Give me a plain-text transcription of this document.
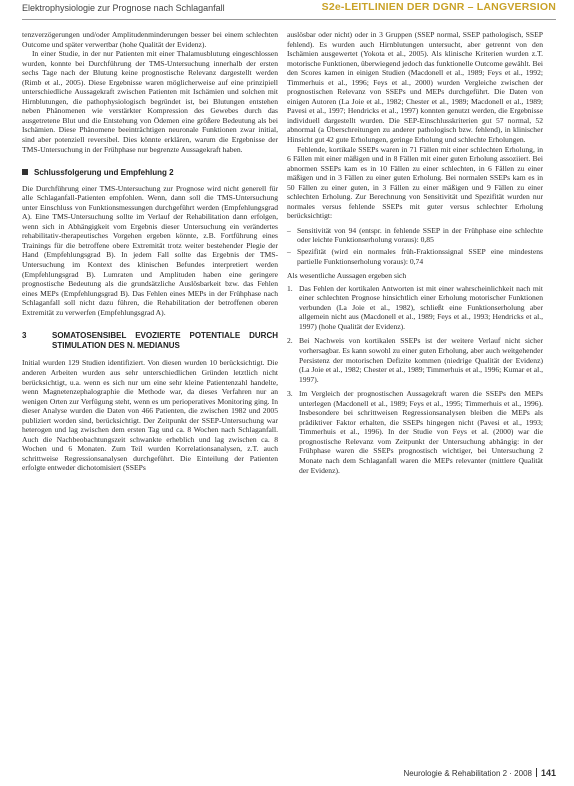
Elektrophysiologie zur Prognose nach Schlaganfall	S2e-LEITLINIEN DER DGNR – LANGVERSION

tenzverzögerungen und/oder Amplitudenminderungen besser bei einem schlechten Outcome und später verwertbar (hohe Qualität der Evidenz).

In einer Studie, in der nur Patienten mit einer Thalamusblutung eingeschlossen wurden, konnte bei Durchführung der TMS-Untersuchung innerhalb der ersten sechs Tage nach der Blutung keine prognostische Relevanz dargestellt werden (Rimb et al., 2005). Diese Ergebnisse waren möglicherweise auf eine prinzipiell unterschiedliche Aussagekraft zwischen Patienten mit Ischämien und solchen mit Hirnblutungen, die pathophysiologisch begründet ist, bei Blutungen entstehen neben Phänomenen wie verstärkter Kompression des Gewebes durch das ausgetretene Blut und die Entstehung von Ödemen eine größere Bedeutung als bei Ischämien. Diese Phänomene beeinträchtigen neuronale Funktionen zwar initial, sind aber potenziell reversibel. Dies könnte erklären, warum die Ergebnisse der TMS-Untersuchung in der Frühphase nur begrenzte Aussagekraft haben.

Schlussfolgerung und Empfehlung 2

Die Durchführung einer TMS-Untersuchung zur Prognose wird nicht generell für alle Schlaganfall-Patienten empfohlen. Wenn, dann soll die TMS-Untersuchung unter Einschluss von Funktionsmessungen durchgeführt werden (Empfehlungsgrad A). Eine TMS-Untersuchung sollte im Verlauf der Rehabilitation dann erfolgen, wenn sich in Abhängigkeit vom Ergebnis dieser Untersuchung ein verändertes rehabilitativ-therapeutisches Vorgehen ergeben könnte, z.B. Fortführung eines Trainings für die betroffene obere Extremität trotz weiter bestehender Plegie der Hand (Empfehlungsgrad B). In jedem Fall sollte das Ergebnis der TMS-Untersuchung im Kontext des klinischen Befundes interpretiert werden (Empfehlungsgrad B). Lumraten und Amplituden haben eine geringere prognostische Bedeutung als die grundsätzliche Auslösbarkeit bzw. das Fehlen eines MEPs (Empfehlungsgrad B). Das Fehlen eines MEPs in der Frühphase nach Schlaganfall soll nicht dazu führen, die Rehabilitation der betroffenen oberen Extremität zu verwerfen (Empfehlungsgrad A).

3	SOMATOSENSIBEL EVOZIERTE POTENTIALE DURCH STIMULATION DES N. MEDIANUS

Initial wurden 129 Studien identifiziert. Von diesen wurden 10 berücksichtigt. Die anderen Arbeiten wurden aus sehr unterschiedlichen Gründen letztlich nicht berücksichtigt, u.a. wenn es sich nur um eine sehr kleine Patientenzahl handelte, wenn Magnetenzephalographie die Methode war, da dieses Verfahren nur an wenigen Orten zur Verfügung steht, wenn es um perioperatives Monitoring ging. In dieser Analyse wurden die Daten von 466 Patienten, die zwischen 1982 und 2005 publiziert worden sind, berücksichtigt. Der Zeitpunkt der SSEP-Untersuchung war heterogen und lag zwischen dem ersten Tag und ca. 8 Wochen nach Schlaganfall. Auch die Nachbeobachtungszeit schwankte erheblich und lag zwischen ca. 8 Wochen und 6 Monaten. Zum Teil wurden Korrelationsanalysen, z.T. auch schrittweise Regressionsanalysen durchgeführt. Die Einteilung der Patienten erfolgte entweder dichotomisiert (SSEPs

auslösbar oder nicht) oder in 3 Gruppen (SSEP normal, SSEP pathologisch, SSEP fehlend). Es wurden auch Hirnblutungen untersucht, aber getrennt von den Ischämien ausgewertet (Yokota et al., 2005). Als klinische Kriterien wurden z.T. motorische Funktionen, überwiegend jedoch das funktionelle Outcome gewählt. Bei den Scores kamen in einigen Studien (Macdonell et al., 1989; Feys et al., 1992; Timmerhuis et al., 1996; Feys et al., 2000) wurden Vergleiche zwischen der prognostischen Relevanz von SSEPs und MEPs durchgeführt. Die Daten von einigen Autoren (La Joie et al., 1982; Chester et al., 1989; Macdonell et al., 1989; Pavesi et al., 1997; Hendricks et al., 1997) konnten genutzt werden, die Ergebnisse individuell dargestellt wurden. Die SEP-Einschlusskriterien gut 57 normal, 52 abnormal (a Überschreitungen zu anderer pathologisch bzw. fehlend), in klinischer Hinsicht gut 42 gute Erholungen, geringe Erholung und schlechte Erholungen.

Fehlende, kortikale SSEPs waren in 71 Fällen mit einer schlechten Erholung, in 6 Fällen mit einer mäßigen und in 8 Fällen mit einer guten Erholung assoziiert. Bei abnormen SSEPs kam es in 10 Fällen zu einer schlechten, in 6 Fällen zu einer mäßigen und in 3 Fällen zu einer guten Erholung. Bei normalen SSEPs kam es in 50 Fällen zu einer guten, in 3 Fällen zu einer mäßigen und 9 Fällen zu einer schlechten Erholung. Zur Berechnung von Sensitivität und Spezifität wurden nur normales versus fehlende SSEPs mit guter versus schlechter Erholung berücksichtigt:

– Sensitivität von 94 (entspr. in fehlende SSEP in der Frühphase eine schlechte oder leichte Funktionserholung voraus): 0,85
– Spezifität (wird ein normales früh-Fraktionssignal SSEP eine mindestens partielle Funktionserholung voraus): 0,74

Als wesentliche Aussagen ergeben sich

1. Das Fehlen der kortikalen Antworten ist mit einer wahrscheinlichkeit nach mit einer schlechten Prognose hinsichtlich einer Erholung motorischer Funktionen verbunden (La Joie et al., 1982), schließt eine Funktionserholung aber allgemein nicht aus (Macdonell et al., 1989; Feys et al., 1993; Hendricks et al., 1997) (hohe Qualität der Evidenz).
2. Bei Nachweis von kortikalen SSEPs ist der weitere Verlauf nicht sicher vorhersagbar. Es kann sowohl zu einer guten Erholung, aber auch weitgehender Persistenz der motorischen Defizite kommen (niedrige Qualität der Evidenz) (La Joie et al., 1982; Chester et al., 1989; Timmerhuis et al., 1996; Kumar et al., 1997).
3. Im Vergleich der prognostischen Aussagekraft waren die SSEPs den MEPs unterlegen (Macdonell et al., 1989; Feys et al., 1995; Timmerhuis et al., 1996). Insbesondere bei schrittweisen Regressionsanalysen bleiben die MEPs als prädiktiver Faktor erhalten, die SSEPs hingegen nicht (Pavesi et al., 1993; Timmerhuis et al., 1996). In der Studie von Feys et al. (2000) war die prognostische Relevanz vom Zeitpunkt der Untersuchung abhängig: in der Frühphase waren die SSEPs prognostisch wichtiger, bei Untersuchung 2 Monate nach dem Schlaganfall waren die MEPs relevanter (mittlere Qualität der Evidenz).
Neurologie & Rehabilitation 2 · 2008 141
